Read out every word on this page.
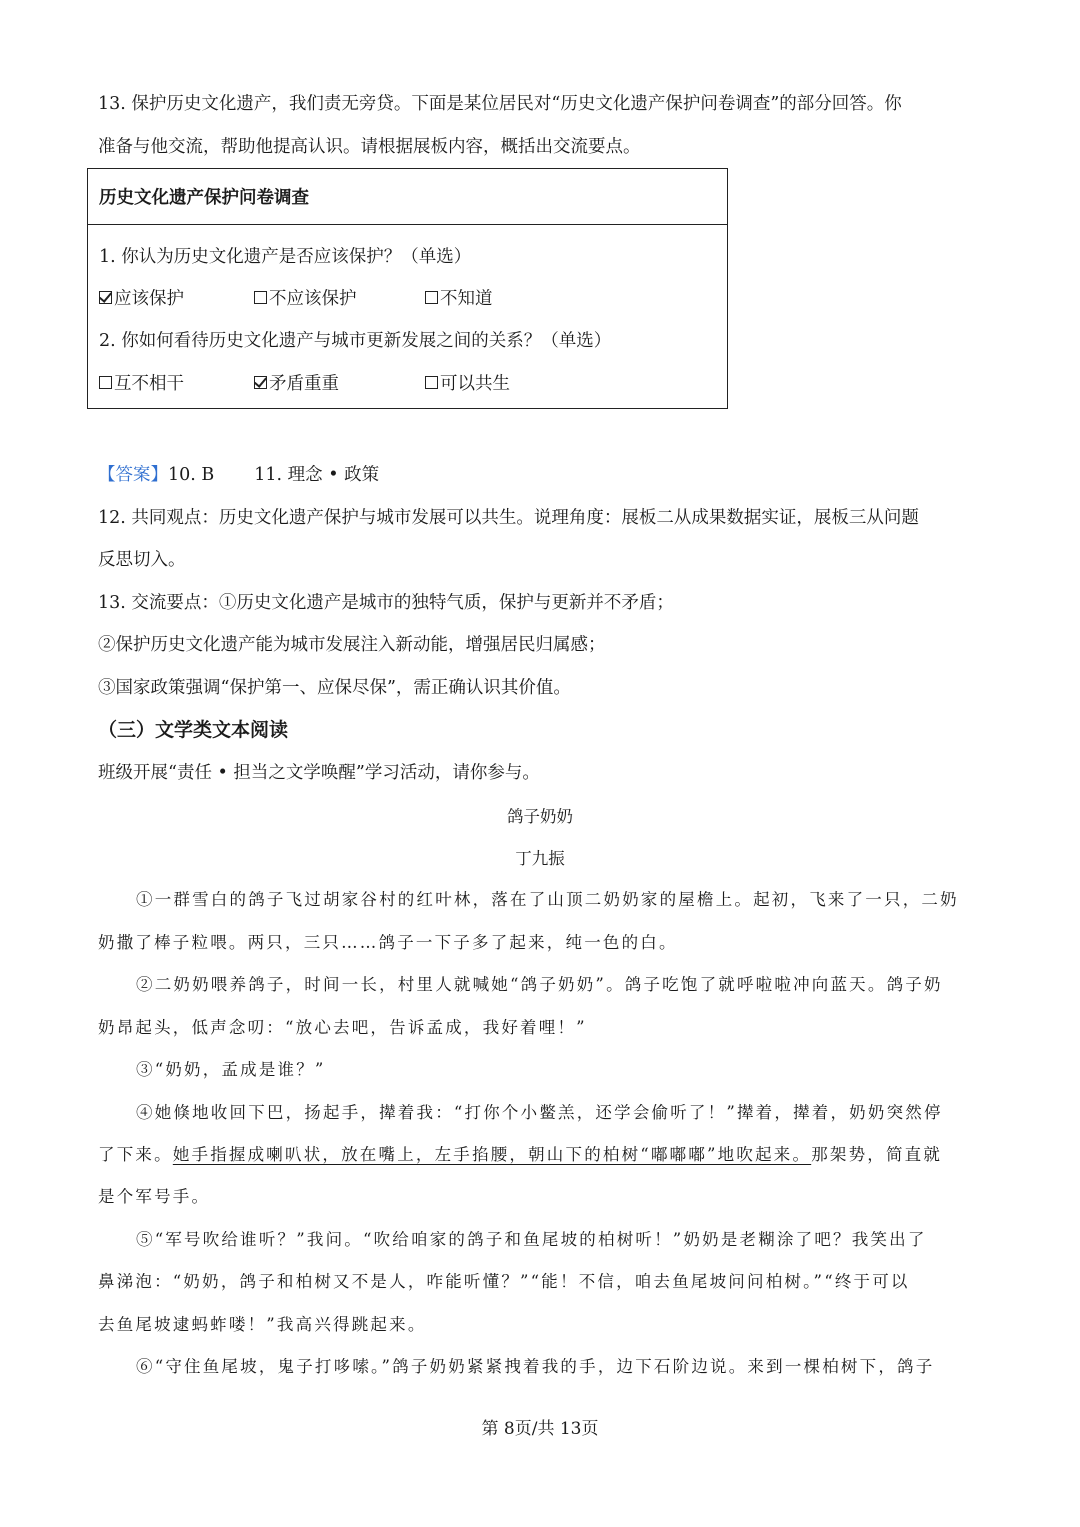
13. 保护历史文化遗产，我们责无旁贷。下面是某位居民对“历史文化遗产保护问卷调查”的部分回答。你
准备与他交流，帮助他提高认识。请根据展板内容，概括出交流要点。
历史文化遗产保护问卷调查
1. 你认为历史文化遗产是否应该保护？（单选）
应该保护	不应该保护	不知道
2. 你如何看待历史文化遗产与城市更新发展之间的关系？（单选）
互不相干	矛盾重重	可以共生
【答案】10. B 11. 理念 • 政策
12. 共同观点：历史文化遗产保护与城市发展可以共生。说理角度：展板二从成果数据实证，展板三从问题
反思切入。
13. 交流要点：①历史文化遗产是城市的独特气质，保护与更新并不矛盾；
②保护历史文化遗产能为城市发展注入新动能，增强居民归属感；
③国家政策强调“保护第一、应保尽保”，需正确认识其价值。
（三）文学类文本阅读
班级开展“责任 • 担当之文学唤醒”学习活动，请你参与。
鸽子奶奶
丁九振
①一群雪白的鸽子飞过胡家谷村的红叶林，落在了山顶二奶奶家的屋檐上。起初，飞来了一只，二奶
奶撒了棒子粒喂。两只，三只……鸽子一下子多了起来，纯一色的白。
②二奶奶喂养鸽子，时间一长，村里人就喊她“鸽子奶奶”。鸽子吃饱了就呼啦啦冲向蓝天。鸽子奶
奶昂起头，低声念叨：“放心去吧，告诉孟成，我好着哩！”
③“奶奶，孟成是谁？”
④她倏地收回下巴，扬起手，撵着我：“打你个小鳖羔，还学会偷听了！”撵着，撵着，奶奶突然停
了下来。她手指握成喇叭状，放在嘴上，左手掐腰，朝山下的柏树“嘟嘟嘟”地吹起来。那架势，简直就
是个军号手。
⑤“军号吹给谁听？”我问。“吹给咱家的鸽子和鱼尾坡的柏树听！”奶奶是老糊涂了吧？我笑出了
鼻涕泡：“奶奶，鸽子和柏树又不是人，咋能听懂？”“能！不信，咱去鱼尾坡问问柏树。”“终于可以
去鱼尾坡逮蚂蚱喽！”我高兴得跳起来。
⑥“守住鱼尾坡，鬼子打哆嗦。”鸽子奶奶紧紧拽着我的手，边下石阶边说。来到一棵柏树下，鸽子
第 8页/共 13页
